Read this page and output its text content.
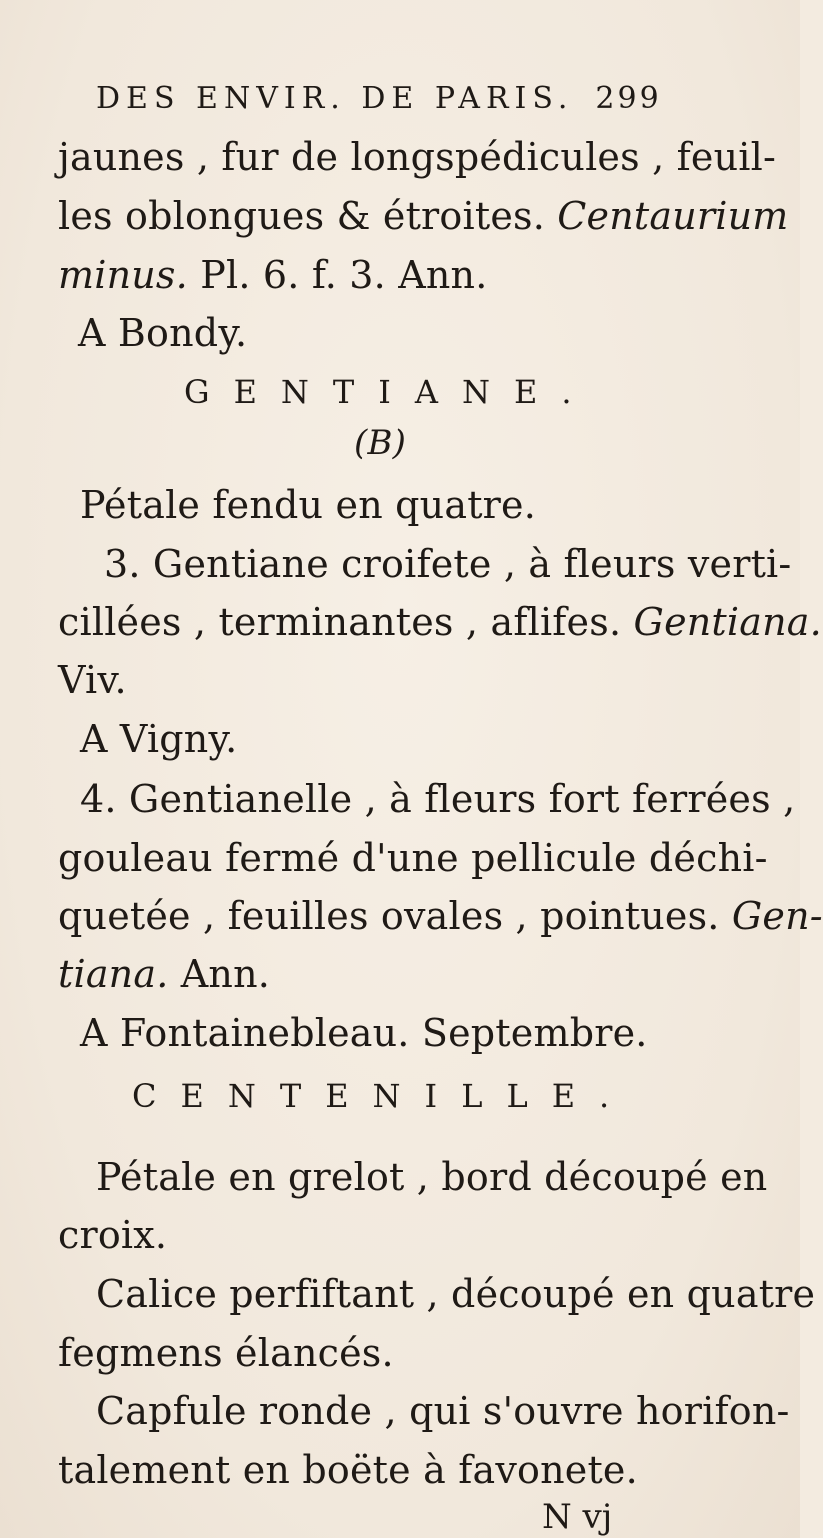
DES ENVIR. DE PARIS. 299
jaunes , fur de longspédicules , feuil-
les oblongues & étroites. Centaurium
minus. Pl. 6. f. 3. Ann.
A Bondy.
GENTIANE.
(B)
Pétale fendu en quatre.
3. Gentiane croifete , à fleurs verti-
cillées , terminantes , aflifes. Gentiana.
Viv.
A Vigny.
4. Gentianelle , à fleurs fort ferrées ,
gouleau fermé d'une pellicule déchi-
quetée , feuilles ovales , pointues. Gen-
tiana. Ann.
A Fontainebleau. Septembre.
CENTENILLE.
Pétale en grelot , bord découpé en
croix.
Calice perfiftant , découpé en quatre
fegmens élancés.
Capfule ronde , qui s'ouvre horifon-
talement en boëte à favonete.
N vj
